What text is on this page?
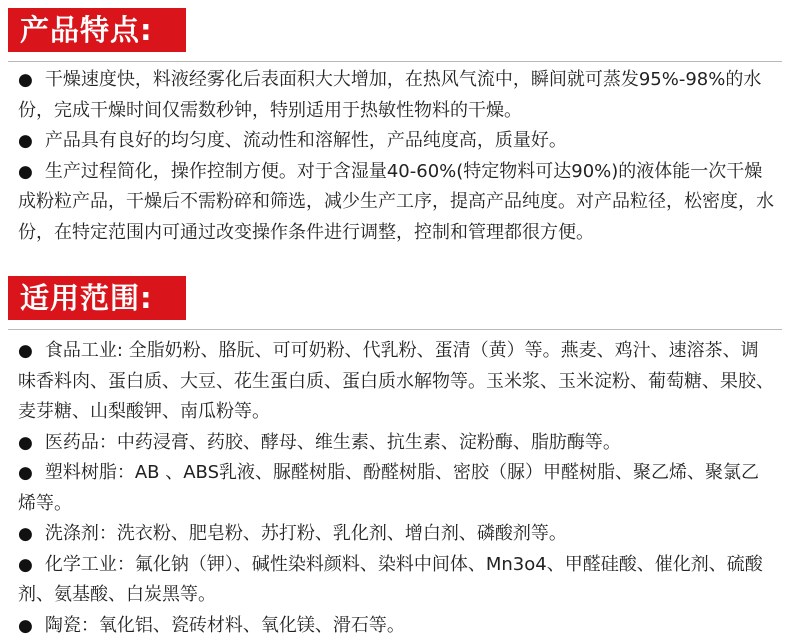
产品特点:

● 干燥速度快，料液经雾化后表面积大大增加，在热风气流中，瞬间就可蒸发95%-98%的水份，完成干燥时间仅需数秒钟，特别适用于热敏性物料的干燥。

● 产品具有良好的均匀度、流动性和溶解性，产品纯度高，质量好。

● 生产过程简化，操作控制方便。对于含湿量40-60%(特定物料可达90%)的液体能一次干燥成粉粒产品，干燥后不需粉碎和筛选，减少生产工序，提高产品纯度。对产品粒径，松密度，水份，在特定范围内可通过改变操作条件进行调整，控制和管理都很方便。

适用范围:

● 食品工业: 全脂奶粉、胳朊、可可奶粉、代乳粉、蛋清（黄）等。燕麦、鸡汁、速溶茶、调味香料肉、蛋白质、大豆、花生蛋白质、蛋白质水解物等。玉米浆、玉米淀粉、葡萄糖、果胶、麦芽糖、山梨酸钾、南瓜粉等。

● 医药品：中药浸膏、药胶、酵母、维生素、抗生素、淀粉酶、脂肪酶等。

● 塑料树脂：AB 、ABS乳液、脲醛树脂、酚醛树脂、密胶（脲）甲醛树脂、聚乙烯、聚氯乙烯等。

● 洗涤剂：洗衣粉、肥皂粉、苏打粉、乳化剂、增白剂、磷酸剂等。

● 化学工业：氟化钠（钾）、碱性染料颜料、染料中间体、Mn3o4、甲醛硅酸、催化剂、硫酸剂、氨基酸、白炭黑等。

● 陶瓷：氧化铝、瓷砖材料、氧化镁、滑石等。
